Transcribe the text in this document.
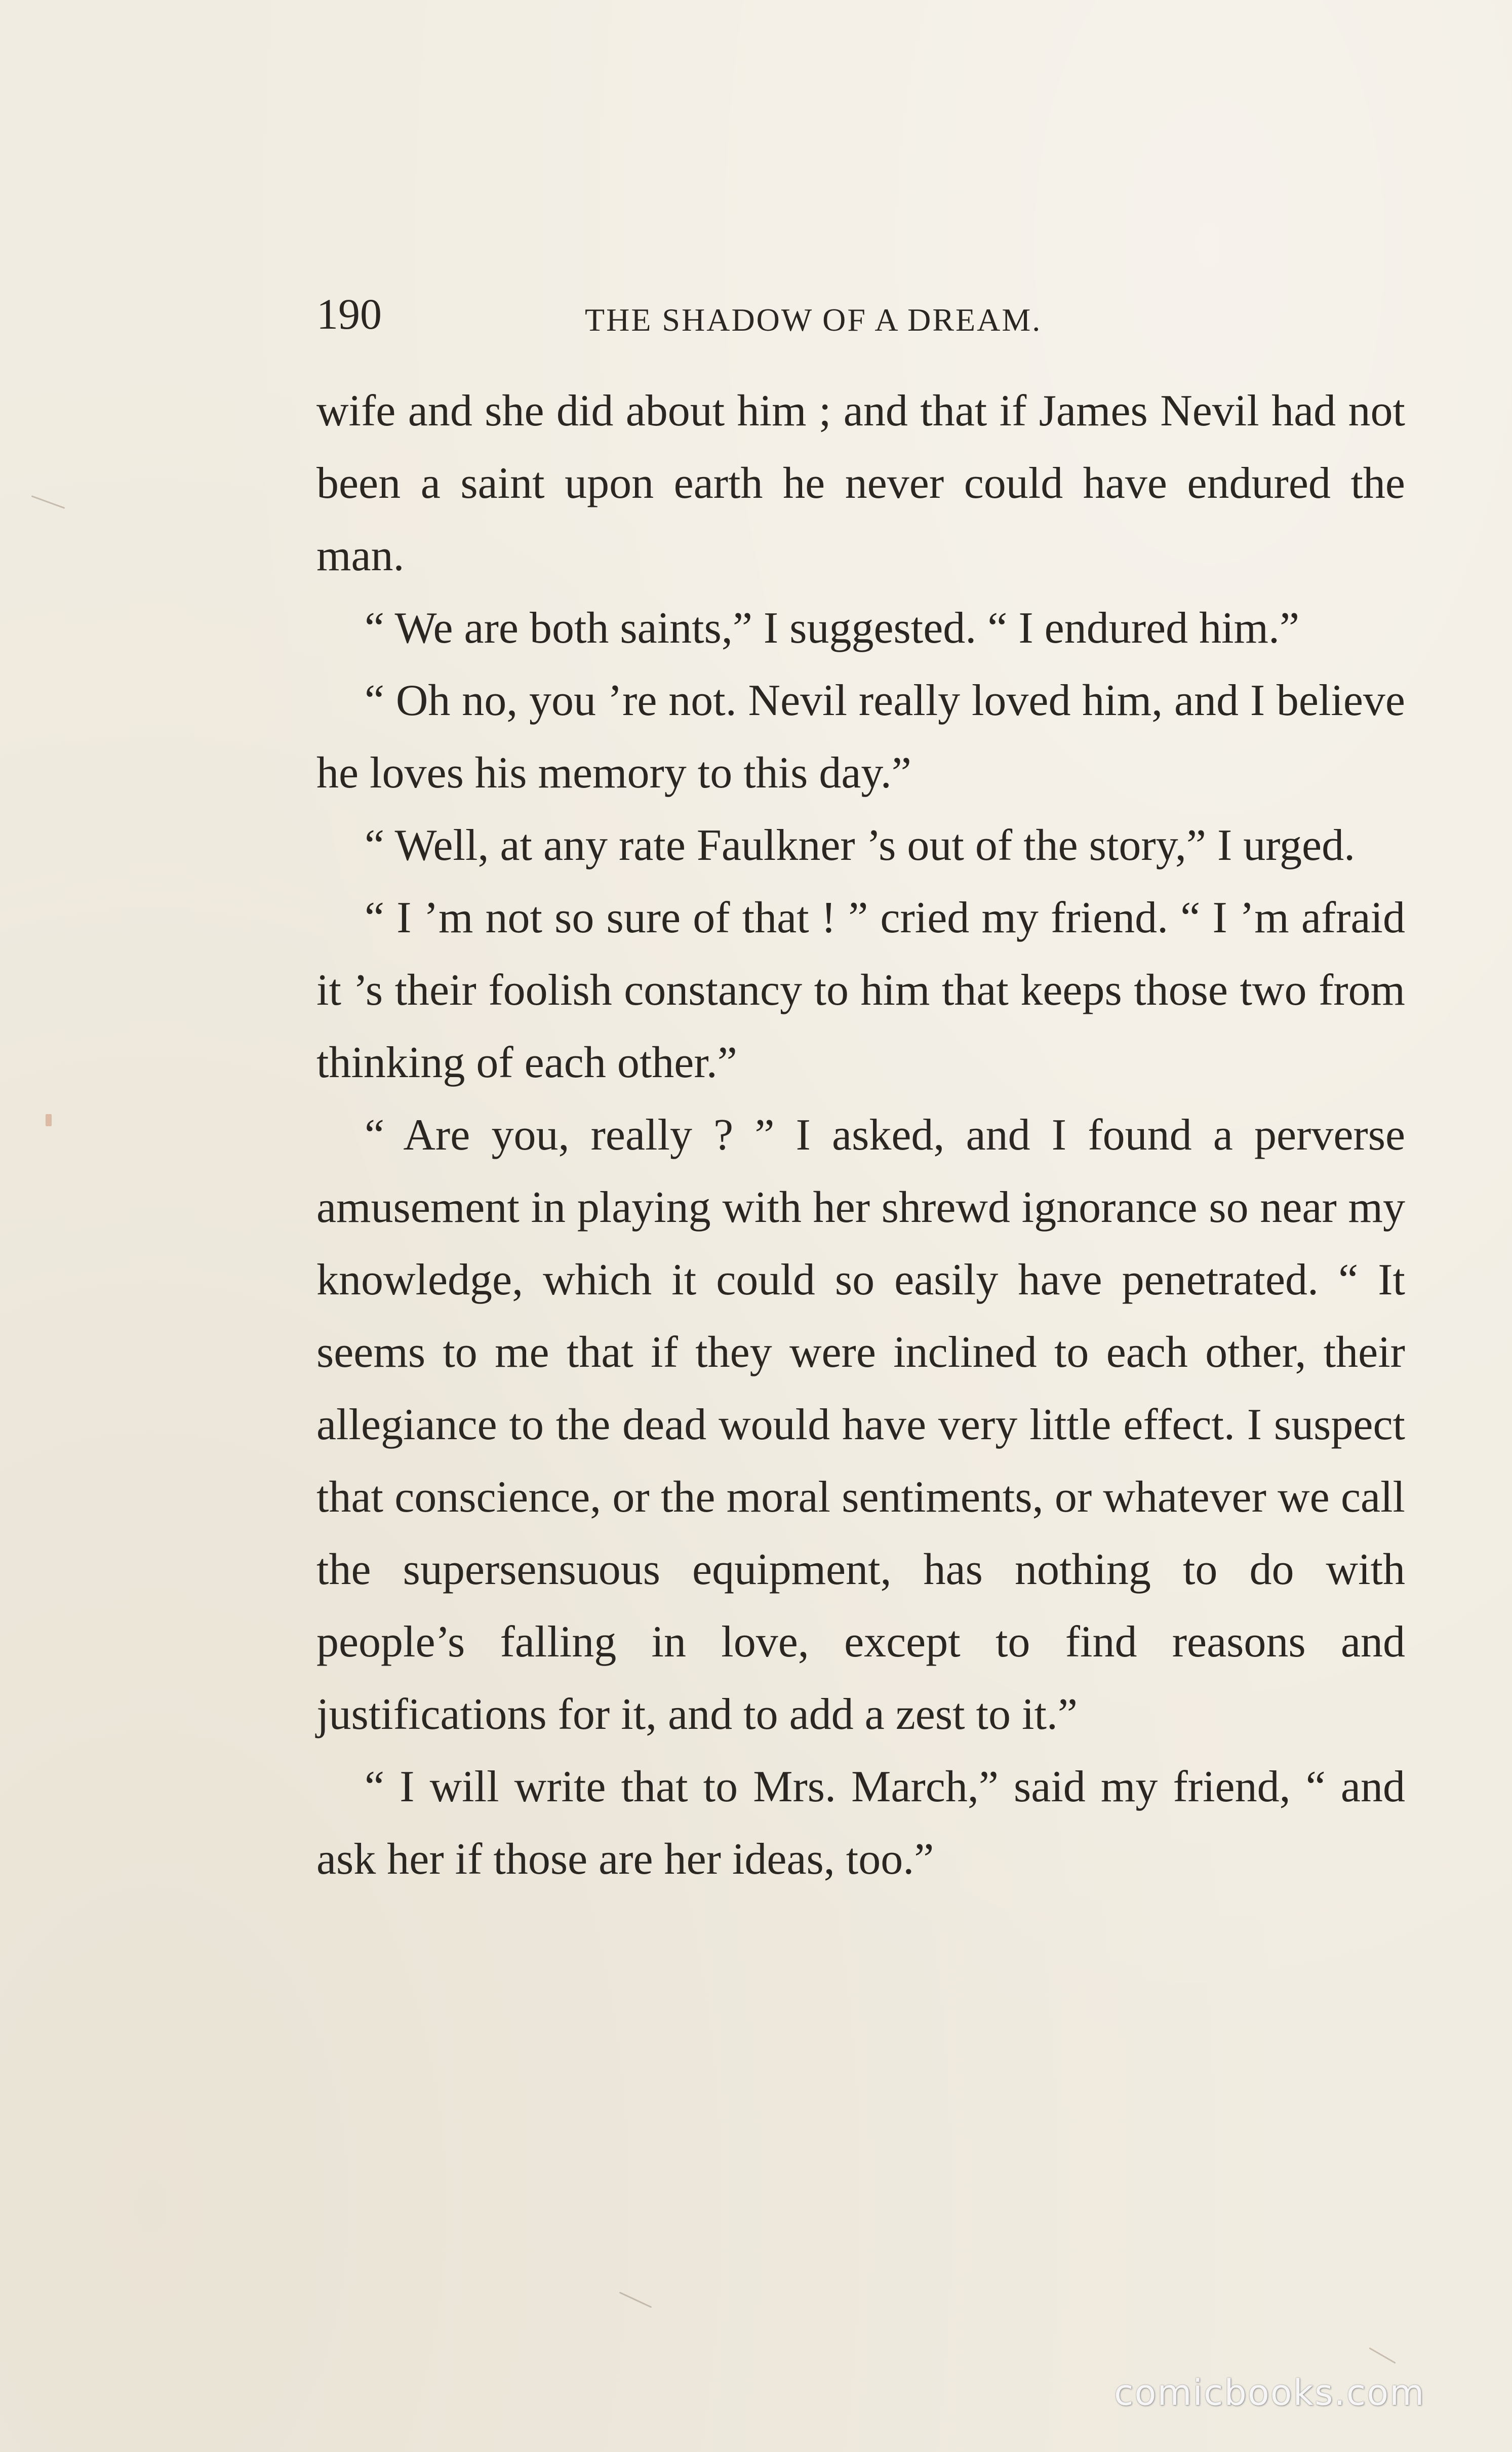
190	THE SHADOW OF A DREAM.

wife and she did about him ; and that if James Nevil had not been a saint upon earth he never could have endured the man.

“ We are both saints,” I suggested. “ I endured him.”

“ Oh no, you ’re not. Nevil really loved him, and I believe he loves his memory to this day.”

“ Well, at any rate Faulkner ’s out of the story,” I urged.

“ I ’m not so sure of that ! ” cried my friend. “ I ’m afraid it ’s their foolish constancy to him that keeps those two from thinking of each other.”

“ Are you, really ? ” I asked, and I found a perverse amusement in playing with her shrewd ignorance so near my knowledge, which it could so easily have penetrated. “ It seems to me that if they were inclined to each other, their allegiance to the dead would have very little effect. I suspect that conscience, or the moral sentiments, or whatever we call the supersensuous equipment, has nothing to do with people’s falling in love, except to find reasons and justifications for it, and to add a zest to it.”

“ I will write that to Mrs. March,” said my friend, “ and ask her if those are her ideas, too.”

comicbooks.com
